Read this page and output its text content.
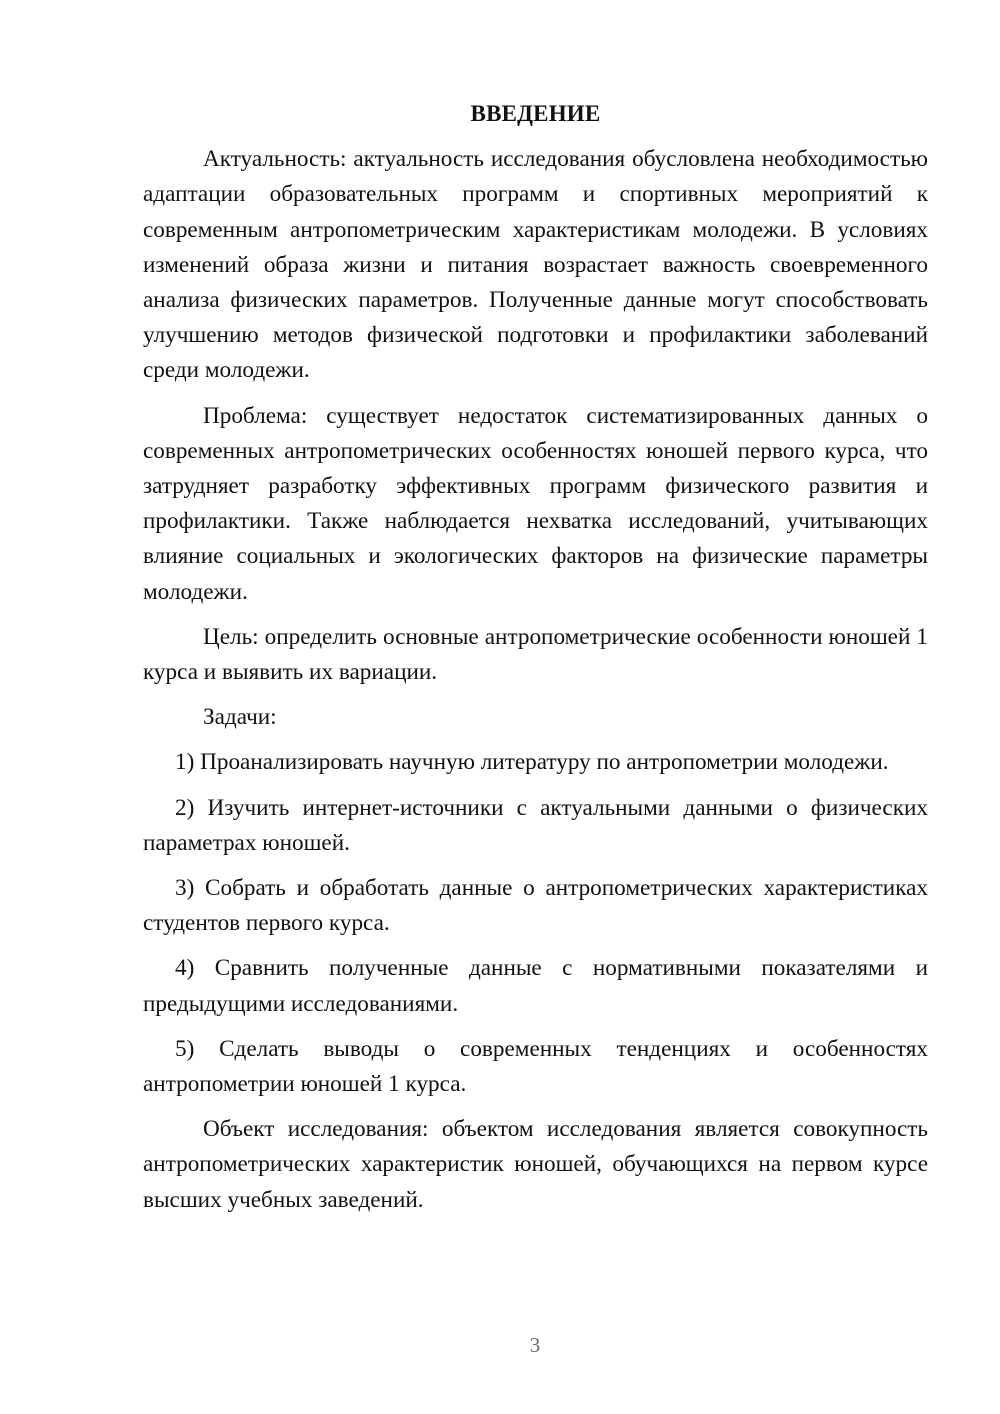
ВВЕДЕНИЕ

Актуальность: актуальность исследования обусловлена необходимостью адаптации образовательных программ и спортивных мероприятий к современным антропометрическим характеристикам молодежи. В условиях изменений образа жизни и питания возрастает важность своевременного анализа физических параметров. Полученные данные могут способствовать улучшению методов физической подготовки и профилактики заболеваний среди молодежи.

Проблема: существует недостаток систематизированных данных о современных антропометрических особенностях юношей первого курса, что затрудняет разработку эффективных программ физического развития и профилактики. Также наблюдается нехватка исследований, учитывающих влияние социальных и экологических факторов на физические параметры молодежи.

Цель: определить основные антропометрические особенности юношей 1 курса и выявить их вариации.

Задачи:

1) Проанализировать научную литературу по антропометрии молодежи.

2) Изучить интернет-источники с актуальными данными о физических параметрах юношей.

3) Собрать и обработать данные о антропометрических характеристиках студентов первого курса.

4) Сравнить полученные данные с нормативными показателями и предыдущими исследованиями.

5) Сделать выводы о современных тенденциях и особенностях антропометрии юношей 1 курса.

Объект исследования: объектом исследования является совокупность антропометрических характеристик юношей, обучающихся на первом курсе высших учебных заведений.

3
